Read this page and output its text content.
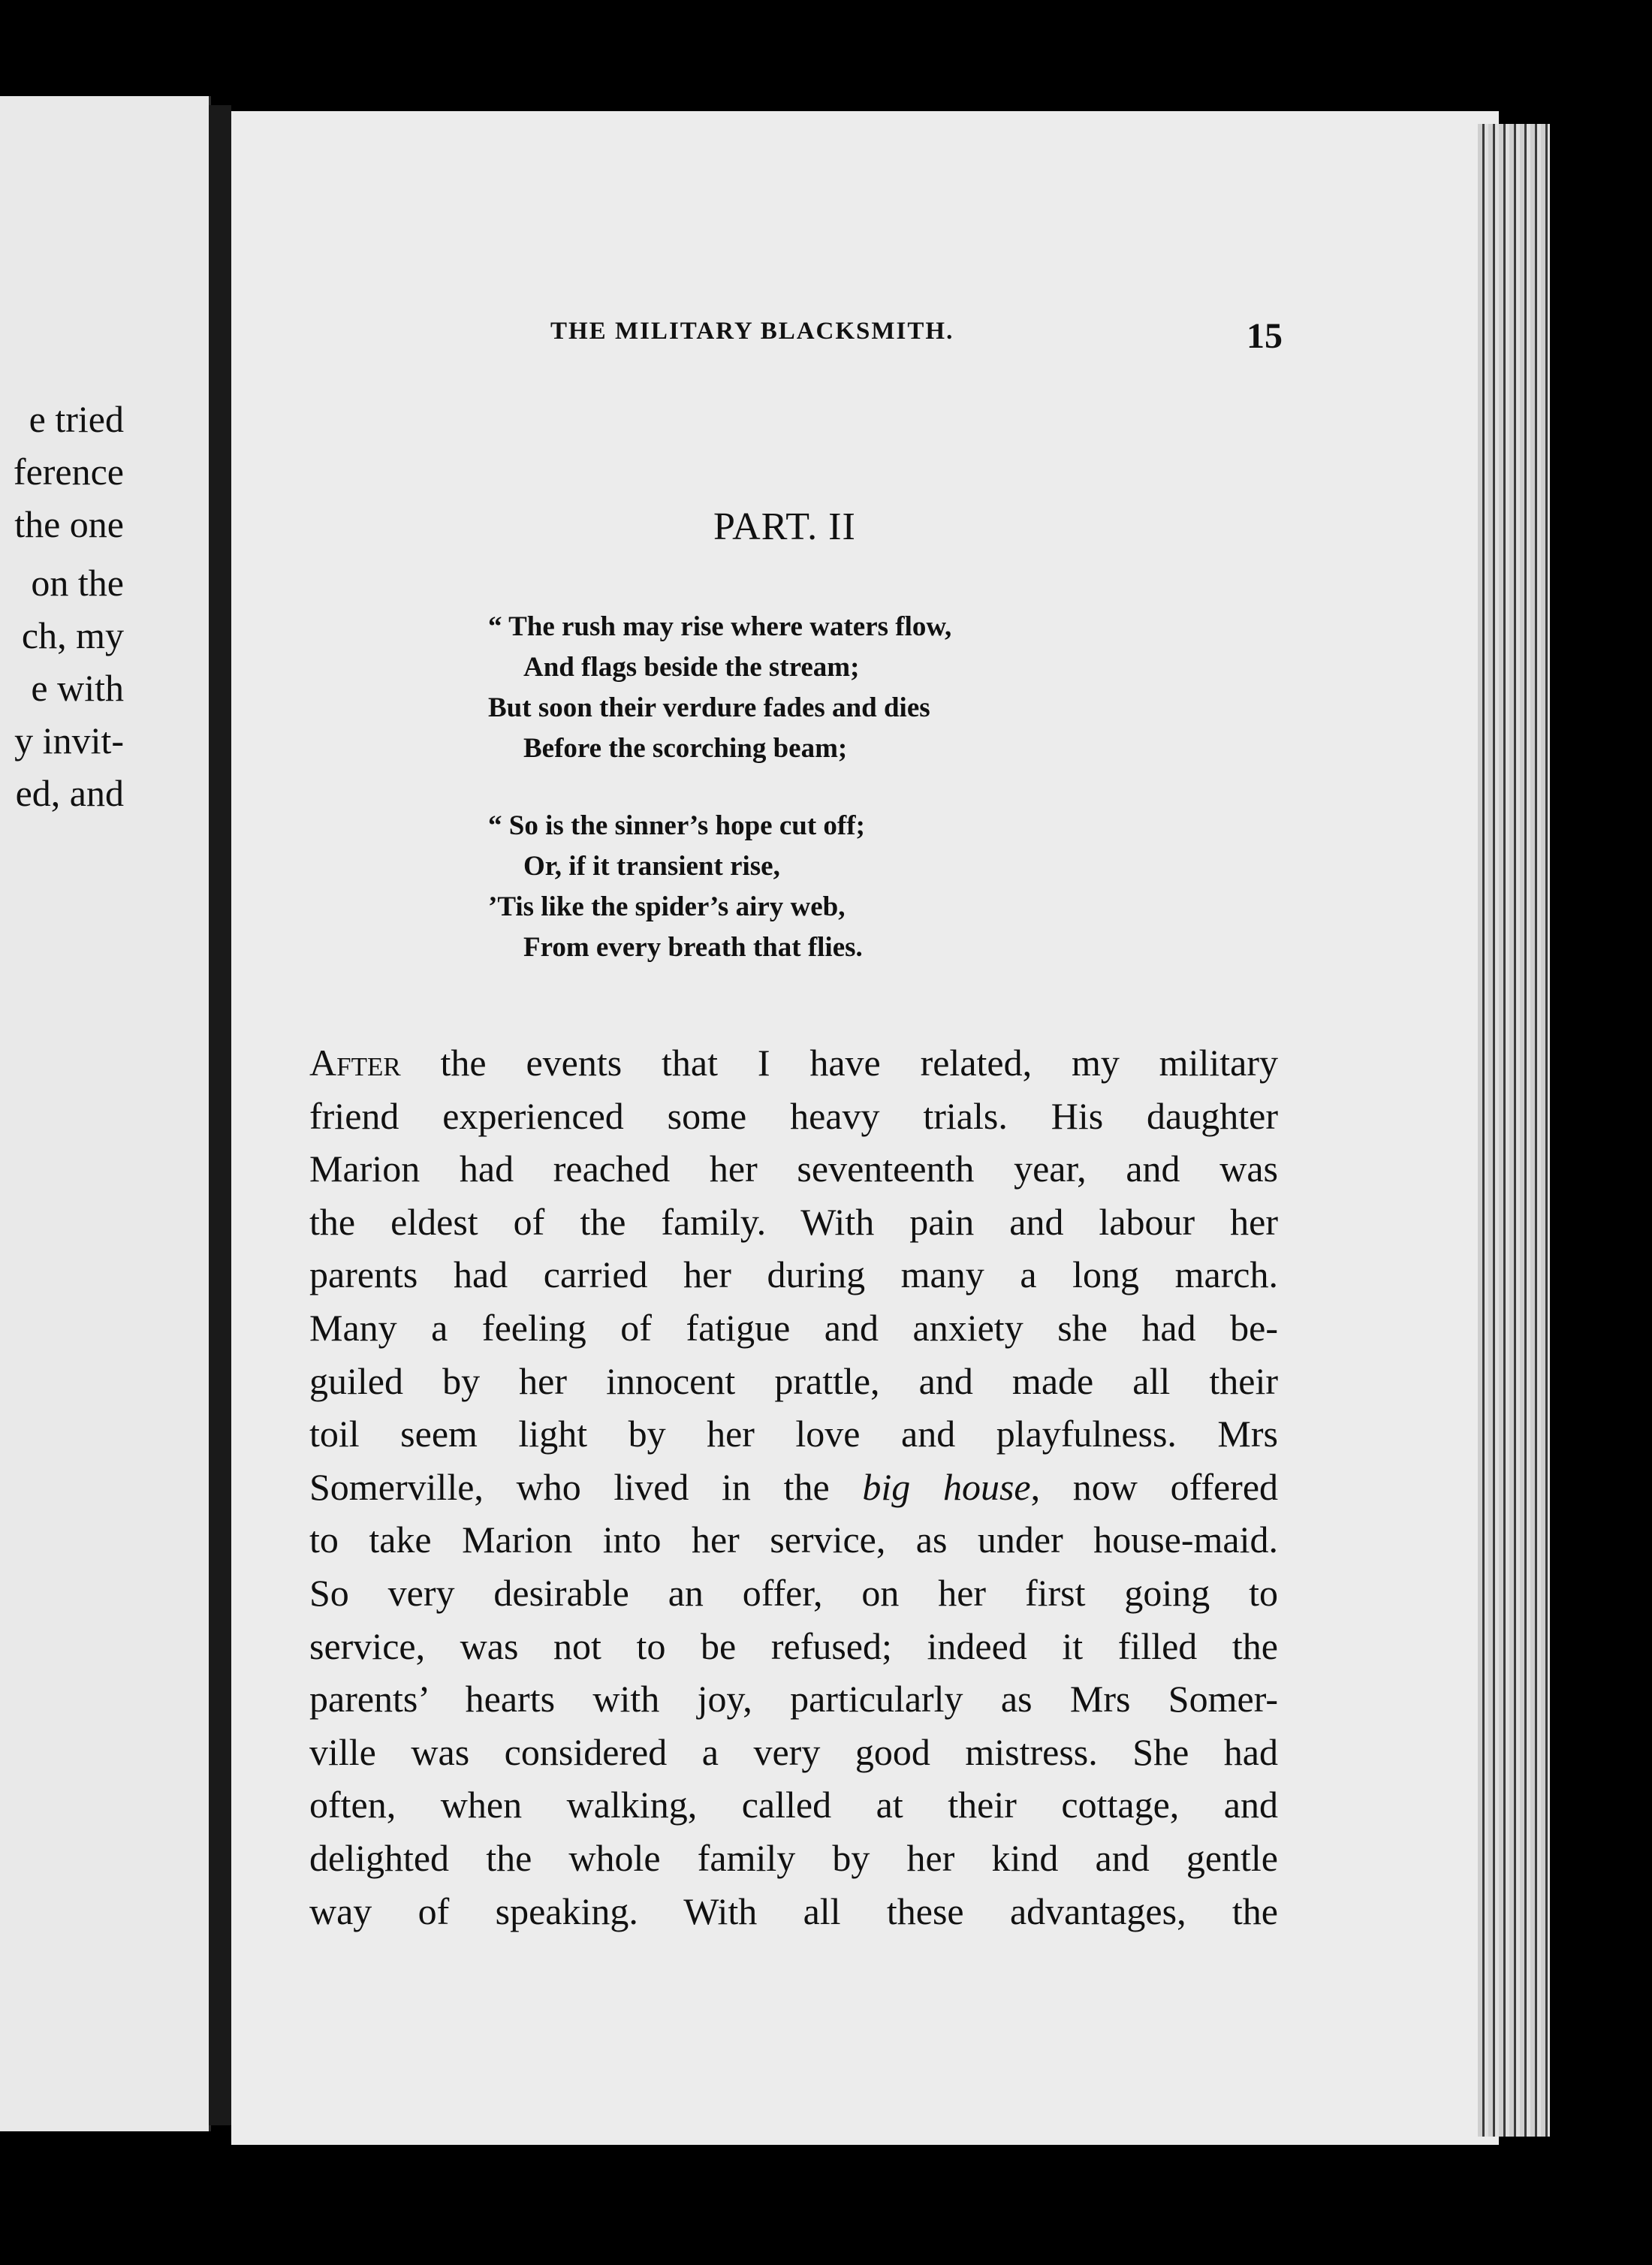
e tried
ference
the one
on the
ch, my
e with
y invit-
ed, and
THE MILITARY BLACKSMITH.	15
PART. II
“ The rush may rise where waters flow,
And flags beside the stream;
But soon their verdure fades and dies
Before the scorching beam;
“ So is the sinner’s hope cut off;
Or, if it transient rise,
’Tis like the spider’s airy web,
From every breath that flies.
After the events that I have related, my military
friend experienced some heavy trials. His daughter
Marion had reached her seventeenth year, and was
the eldest of the family. With pain and labour her
parents had carried her during many a long march.
Many a feeling of fatigue and anxiety she had be-
guiled by her innocent prattle, and made all their
toil seem light by her love and playfulness. Mrs
Somerville, who lived in the big house, now offered
to take Marion into her service, as under house-maid.
So very desirable an offer, on her first going to
service, was not to be refused; indeed it filled the
parents’ hearts with joy, particularly as Mrs Somer-
ville was considered a very good mistress. She had
often, when walking, called at their cottage, and
delighted the whole family by her kind and gentle
way of speaking. With all these advantages, the
